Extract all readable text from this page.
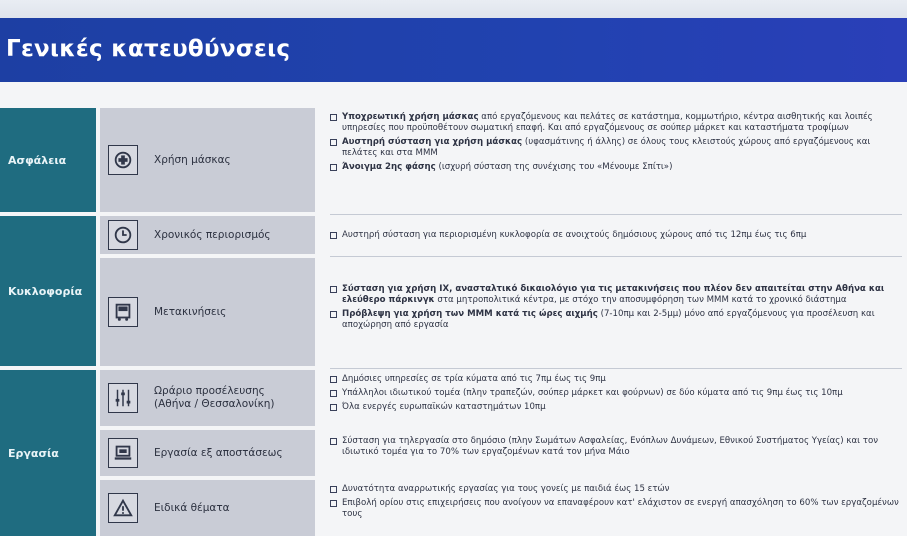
Γενικές κατευθύνσεις
Ασφάλεια
Κυκλοφορία
Εργασία
Χρήση μάσκας
Χρονικός περιορισμός
Μετακινήσεις
Ωράριο προσέλευσης
(Αθήνα / Θεσσαλονίκη)
Εργασία εξ αποστάσεως
Ειδικά θέματα
Υποχρεωτική χρήση μάσκας από εργαζόμενους και πελάτες σε κατάστημα, κομμωτήριο, κέντρα αισθητικής και λοιπές υπηρεσίες που προϋποθέτουν σωματική επαφή. Και από εργαζόμενους σε σούπερ μάρκετ και καταστήματα τροφίμων
Αυστηρή σύσταση για χρήση μάσκας (υφασμάτινης ή άλλης) σε όλους τους κλειστούς χώρους από εργαζόμενους και πελάτες και στα ΜΜΜ
Άνοιγμα 2ης φάσης (ισχυρή σύσταση της συνέχισης του «Μένουμε Σπίτι»)
Αυστηρή σύσταση για περιορισμένη κυκλοφορία σε ανοιχτούς δημόσιους χώρους από τις 12πμ έως τις 6πμ
Σύσταση για χρήση IX, ανασταλτικό δικαιολόγιο για τις μετακινήσεις που πλέον δεν απαιτείται στην Αθήνα και ελεύθερο πάρκινγκ στα μητροπολιτικά κέντρα, με στόχο την αποσυμφόρηση των ΜΜΜ κατά το χρονικό διάστημα
Πρόβλεψη για χρήση των ΜΜΜ κατά τις ώρες αιχμής (7-10πμ και 2-5μμ) μόνο από εργαζόμενους για προσέλευση και αποχώρηση από εργασία
Δημόσιες υπηρεσίες σε τρία κύματα από τις 7πμ έως τις 9πμ
Υπάλληλοι ιδιωτικού τομέα (πλην τραπεζών, σούπερ μάρκετ και φούρνων) σε δύο κύματα από τις 9πμ έως τις 10πμ
Όλα ενεργές ευρωπαϊκών καταστημάτων 10πμ
Σύσταση για τηλεργασία στο δημόσιο (πλην Σωμάτων Ασφαλείας, Ενόπλων Δυνάμεων, Εθνικού Συστήματος Υγείας) και τον ιδιωτικό τομέα για το 70% των εργαζομένων κατά τον μήνα Μάιο
Δυνατότητα αναρρωτικής εργασίας για τους γονείς με παιδιά έως 15 ετών
Επιβολή ορίου στις επιχειρήσεις που ανοίγουν να επαναφέρουν κατ' ελάχιστον σε ενεργή απασχόληση το 60% των εργαζομένων τους
